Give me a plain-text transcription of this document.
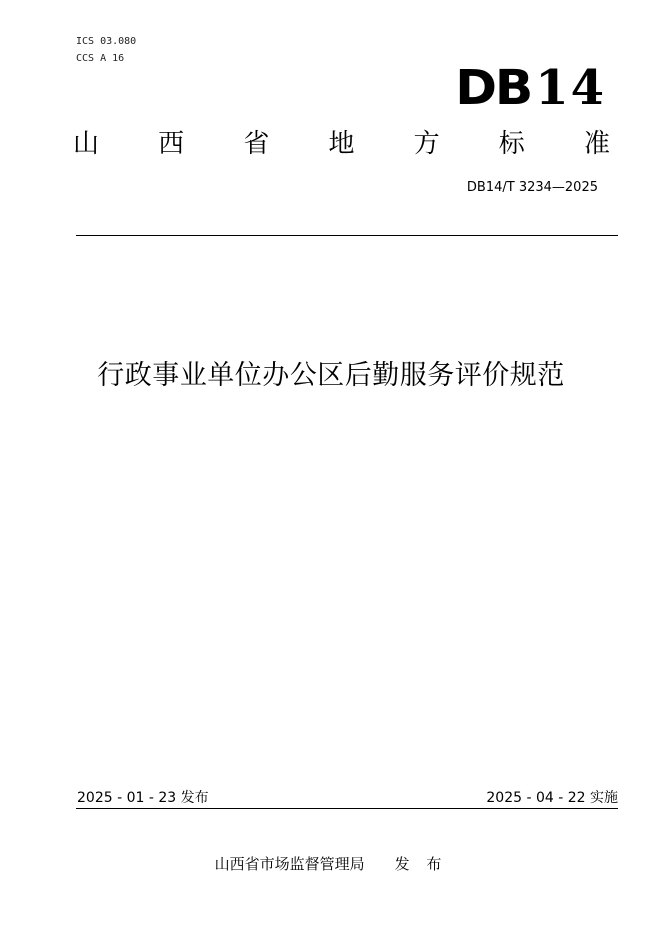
ICS 03.080
CCS A 16
DB14
山 西 省 地 方 标 准
DB14/T 3234—2025
行政事业单位办公区后勤服务评价规范
2025 - 01 - 23 发布	2025 - 04 - 22 实施
山西省市场监督管理局 发 布
